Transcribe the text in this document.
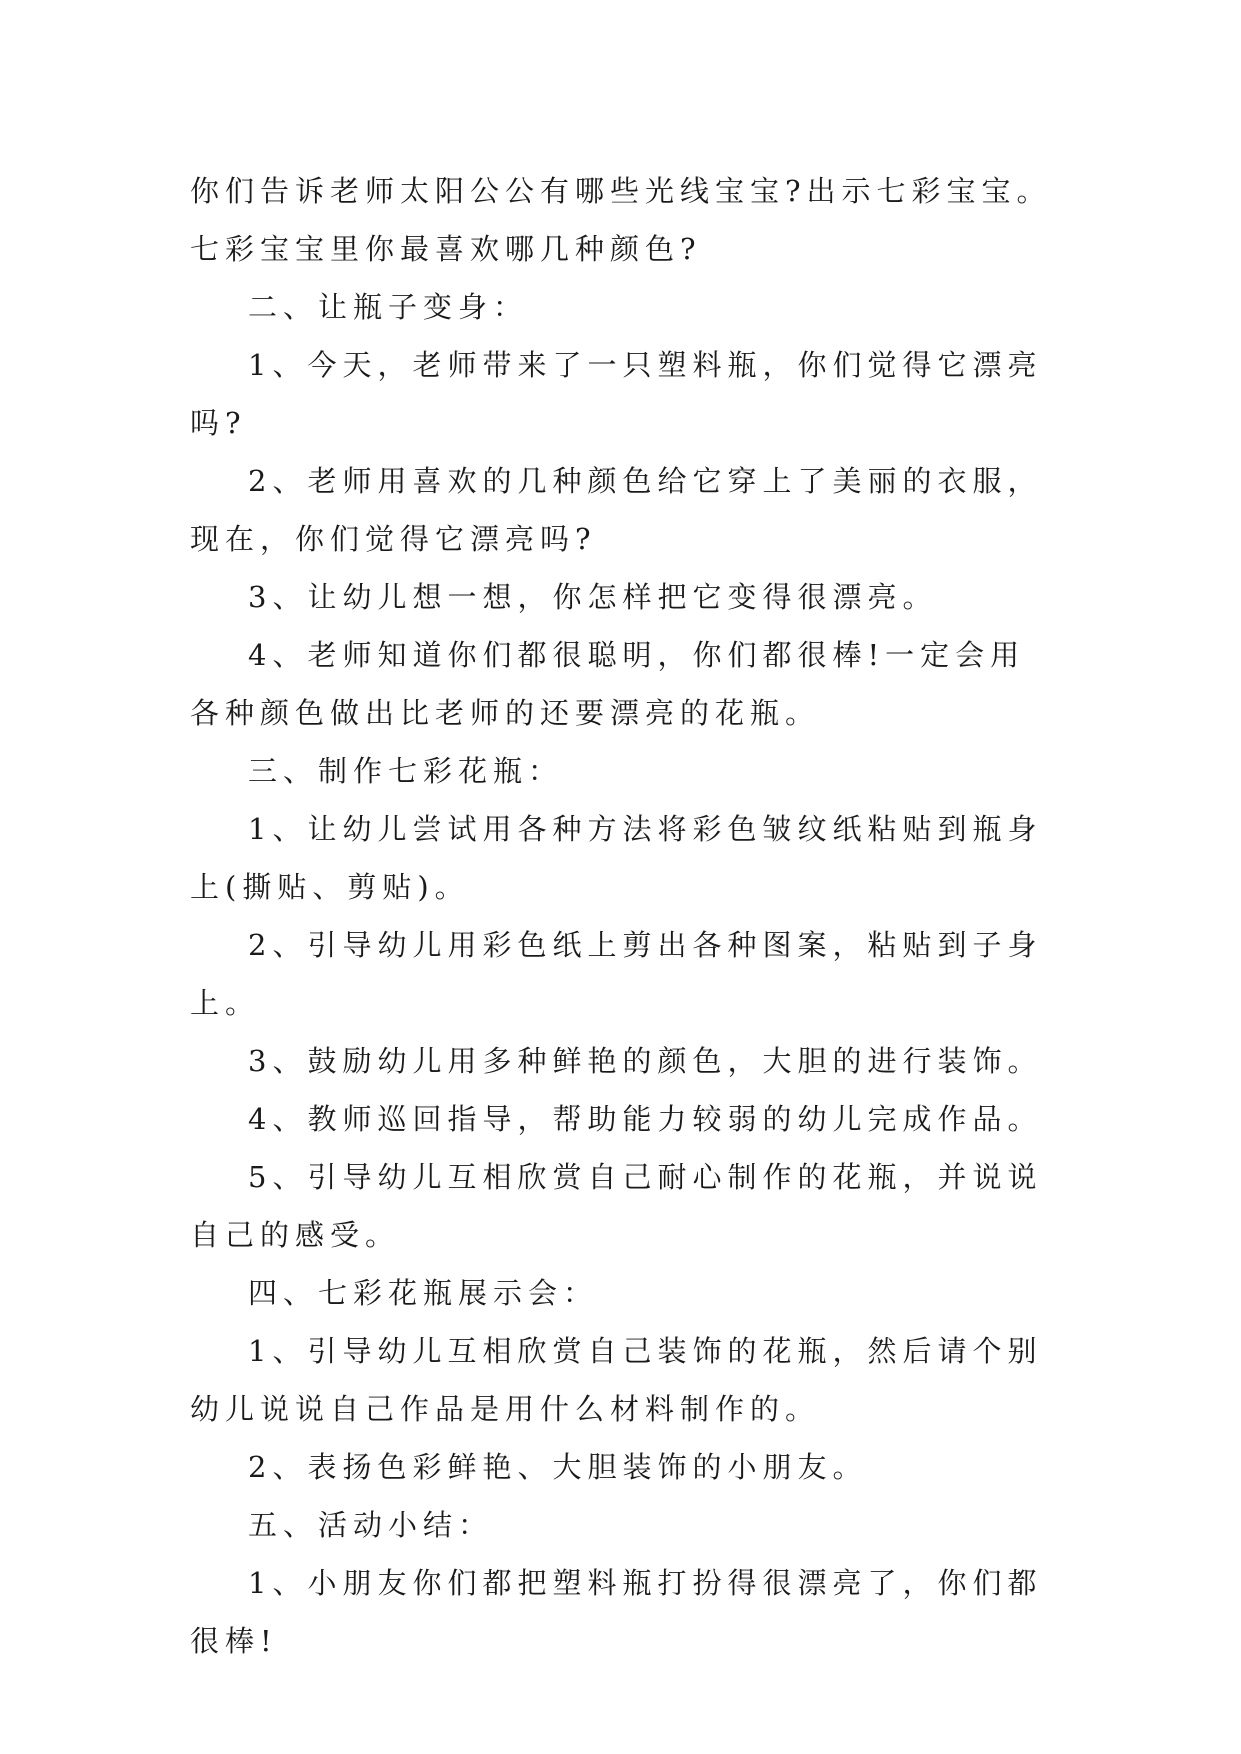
你们告诉老师太阳公公有哪些光线宝宝?出示七彩宝宝。七彩宝宝里你最喜欢哪几种颜色?

二、让瓶子变身：

1、今天，老师带来了一只塑料瓶，你们觉得它漂亮吗?

2、老师用喜欢的几种颜色给它穿上了美丽的衣服，现在，你们觉得它漂亮吗?

3、让幼儿想一想，你怎样把它变得很漂亮。

4、老师知道你们都很聪明，你们都很棒!一定会用各种颜色做出比老师的还要漂亮的花瓶。

三、制作七彩花瓶：

1、让幼儿尝试用各种方法将彩色皱纹纸粘贴到瓶身上(撕贴、剪贴)。

2、引导幼儿用彩色纸上剪出各种图案，粘贴到子身上。

3、鼓励幼儿用多种鲜艳的颜色，大胆的进行装饰。

4、教师巡回指导，帮助能力较弱的幼儿完成作品。

5、引导幼儿互相欣赏自己耐心制作的花瓶，并说说自己的感受。

四、七彩花瓶展示会：

1、引导幼儿互相欣赏自己装饰的花瓶，然后请个别幼儿说说自己作品是用什么材料制作的。

2、表扬色彩鲜艳、大胆装饰的小朋友。

五、活动小结：

1、小朋友你们都把塑料瓶打扮得很漂亮了，你们都很棒!
